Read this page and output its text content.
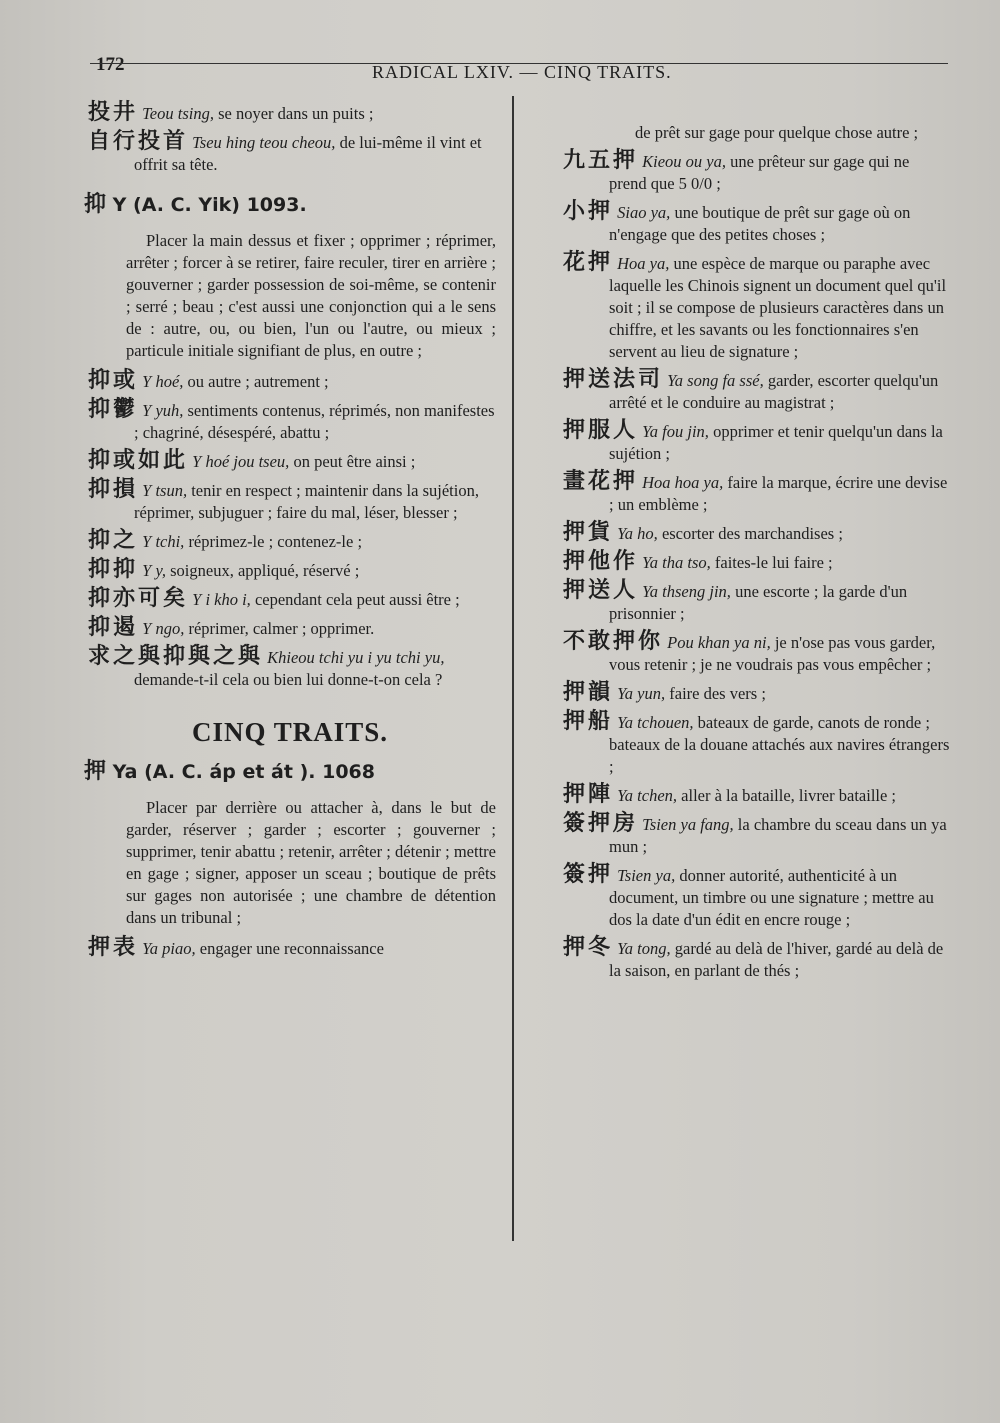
172	RADICAL LXIV. — CINQ TRAITS.

投井 Teou tsing, se noyer dans un puits ;

自行投首 Tseu hing teou cheou, de lui-même il vint et offrit sa tête.

抑 Y (A. C. Yik) 1093.

Placer la main dessus et fixer ; opprimer ; réprimer, arrêter ; forcer à se retirer, faire reculer, tirer en arrière ; gouverner ; garder possession de soi-même, se contenir ; serré ; beau ; c'est aussi une conjonction qui a le sens de : autre, ou, ou bien, l'un ou l'autre, ou mieux ; particule initiale signifiant de plus, en outre ;

抑或 Y hoé, ou autre ; autrement ;

抑鬱 Y yuh, sentiments contenus, réprimés, non manifestes ; chagriné, désespéré, abattu ;

抑或如此 Y hoé jou tseu, on peut être ainsi ;

抑損 Y tsun, tenir en respect ; maintenir dans la sujétion, réprimer, subjuguer ; faire du mal, léser, blesser ;

抑之 Y tchi, réprimez-le ; contenez-le ;

抑抑 Y y, soigneux, appliqué, réservé ;

抑亦可矣 Y i kho i, cependant cela peut aussi être ;

抑遏 Y ngo, réprimer, calmer ; opprimer.

求之與抑與之與 Khieou tchi yu i yu tchi yu, demande-t-il cela ou bien lui donne-t-on cela ?

CINQ TRAITS.
押 Ya (A. C. áp et át ). 1068

Placer par derrière ou attacher à, dans le but de garder, réserver ; garder ; escorter ; gouverner ; supprimer, tenir abattu ; retenir, arrêter ; détenir ; mettre en gage ; signer, apposer un sceau ; boutique de prêts sur gages non autorisée ; une chambre de détention dans un tribunal ;

押表 Ya piao, engager une reconnaissance

de prêt sur gage pour quelque chose autre ;

九五押 Kieou ou ya, une prêteur sur gage qui ne prend que 5 0/0 ;

小押 Siao ya, une boutique de prêt sur gage où on n'engage que des petites choses ;

花押 Hoa ya, une espèce de marque ou paraphe avec laquelle les Chinois signent un document quel qu'il soit ; il se compose de plusieurs caractères dans un chiffre, et les savants ou les fonctionnaires s'en servent au lieu de signature ;

押送法司 Ya song fa ssé, garder, escorter quelqu'un arrêté et le conduire au magistrat ;

押服人 Ya fou jin, opprimer et tenir quelqu'un dans la sujétion ;

畫花押 Hoa hoa ya, faire la marque, écrire une devise ; un emblème ;

押貨 Ya ho, escorter des marchandises ;

押他作 Ya tha tso, faites-le lui faire ;

押送人 Ya thseng jin, une escorte ; la garde d'un prisonnier ;

不敢押你 Pou khan ya ni, je n'ose pas vous garder, vous retenir ; je ne voudrais pas vous empêcher ;

押韻 Ya yun, faire des vers ;

押船 Ya tchouen, bateaux de garde, canots de ronde ; bateaux de la douane attachés aux navires étrangers ;

押陣 Ya tchen, aller à la bataille, livrer bataille ;

簽押房 Tsien ya fang, la chambre du sceau dans un ya mun ;

簽押 Tsien ya, donner autorité, authenticité à un document, un timbre ou une signature ; mettre au dos la date d'un édit en encre rouge ;

押冬 Ya tong, gardé au delà de l'hiver, gardé au delà de la saison, en parlant de thés ;
